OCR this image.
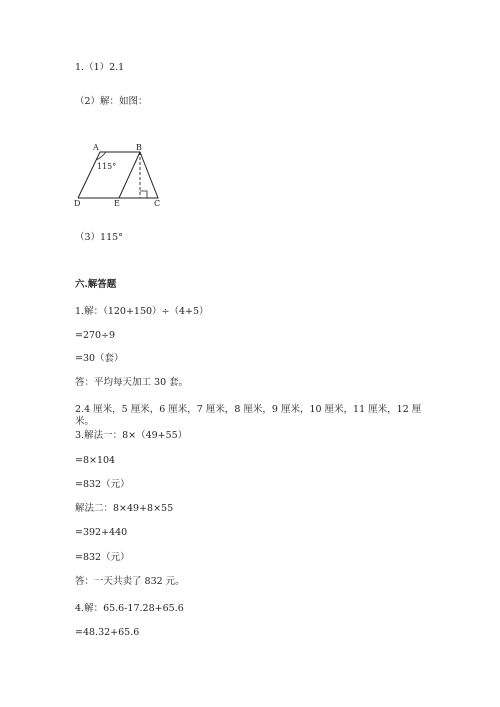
1.（1）2.1
（2）解：如图：
A	B
C
D	E
115°
（3）115°
六.解答题
1.解：（120+150）÷（4+5）
=270÷9
=30（套）
答：平均每天加工 30 套。
2.4 厘米，5 厘米，6 厘米，7 厘米，8 厘米，9 厘米，10 厘米，11 厘米，12 厘
米。
3.解法一：8×（49+55）
=8×104
=832（元）
解法二：8×49+8×55
=392+440
=832（元）
答：一天共卖了 832 元。
4.解：65.6-17.28+65.6
=48.32+65.6
